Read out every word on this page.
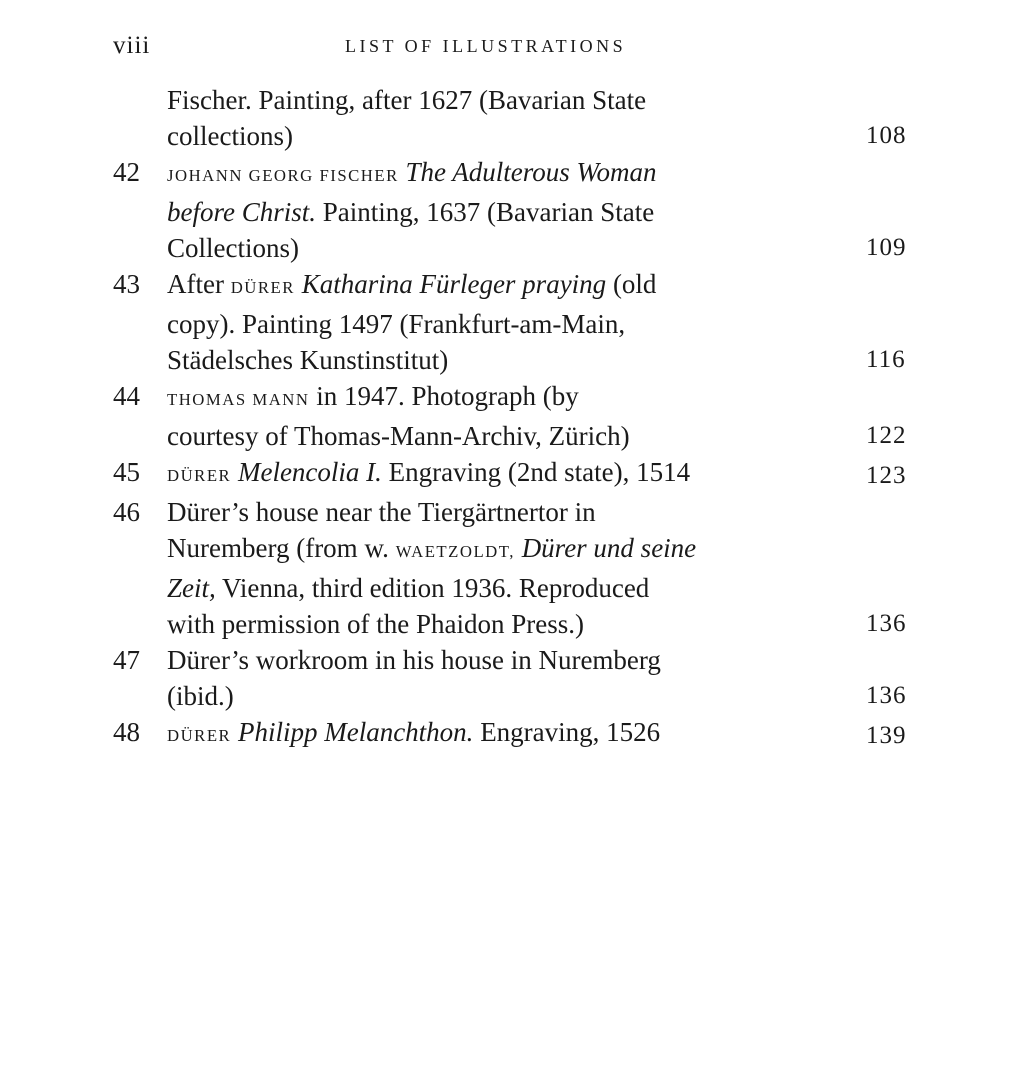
viii	LIST OF ILLUSTRATIONS
Fischer. Painting, after 1627 (Bavarian State
collections)	108
42	JOHANN GEORG FISCHER The Adulterous Woman
before Christ. Painting, 1637 (Bavarian State
Collections)	109
43	After DÜRER Katharina Fürleger praying (old
copy). Painting 1497 (Frankfurt-am-Main,
Städelsches Kunstinstitut)	116
44	THOMAS MANN in 1947. Photograph (by
courtesy of Thomas-Mann-Archiv, Zürich)	122
45	DÜRER Melencolia I. Engraving (2nd state), 1514	123
46	Dürer’s house near the Tiergärtnertor in
Nuremberg (from w. WAETZOLDT, Dürer und seine
Zeit, Vienna, third edition 1936. Reproduced
with permission of the Phaidon Press.)	136
47	Dürer’s workroom in his house in Nuremberg
(ibid.)	136
48	DÜRER Philipp Melanchthon. Engraving, 1526	139
